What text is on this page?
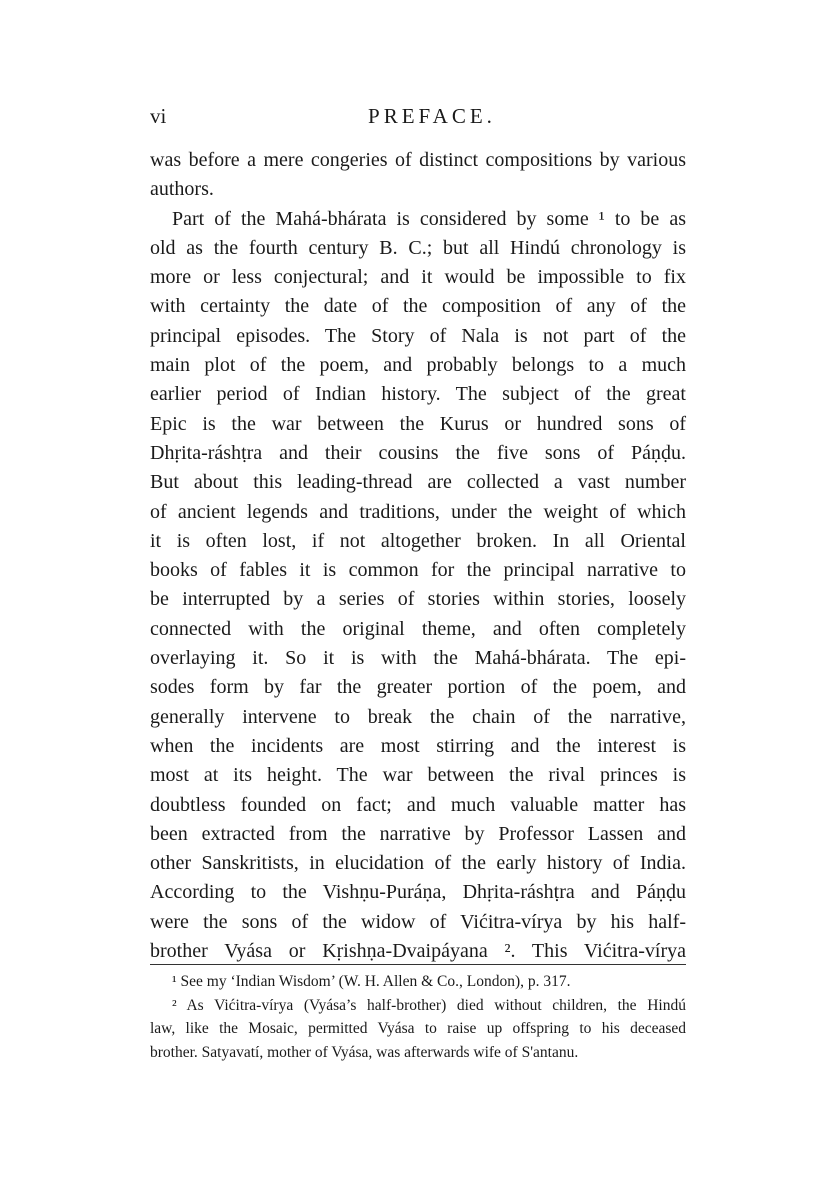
vi	PREFACE.
was before a mere congeries of distinct compositions by various
authors.
Part of the Mahá-bhárata is considered by some ¹ to be as
old as the fourth century B. C.; but all Hindú chronology is
more or less conjectural; and it would be impossible to fix
with certainty the date of the composition of any of the
principal episodes. The Story of Nala is not part of the
main plot of the poem, and probably belongs to a much
earlier period of Indian history. The subject of the great
Epic is the war between the Kurus or hundred sons of
Dhṛita-ráshṭra and their cousins the five sons of Páṇḍu.
But about this leading-thread are collected a vast number
of ancient legends and traditions, under the weight of which
it is often lost, if not altogether broken. In all Oriental
books of fables it is common for the principal narrative to
be interrupted by a series of stories within stories, loosely
connected with the original theme, and often completely
overlaying it. So it is with the Mahá-bhárata. The epi-
sodes form by far the greater portion of the poem, and
generally intervene to break the chain of the narrative,
when the incidents are most stirring and the interest is
most at its height. The war between the rival princes is
doubtless founded on fact; and much valuable matter has
been extracted from the narrative by Professor Lassen and
other Sanskritists, in elucidation of the early history of India.
According to the Vishṇu-Puráṇa, Dhṛita-ráshṭra and Páṇḍu
were the sons of the widow of Vićitra-vírya by his half-
brother Vyása or Kṛishṇa-Dvaipáyana ². This Vićitra-vírya
¹ See my ‘Indian Wisdom’ (W. H. Allen & Co., London), p. 317.
² As Vićitra-vírya (Vyása’s half-brother) died without children, the Hindú
law, like the Mosaic, permitted Vyása to raise up offspring to his deceased
brother. Satyavatí, mother of Vyása, was afterwards wife of S'antanu.
